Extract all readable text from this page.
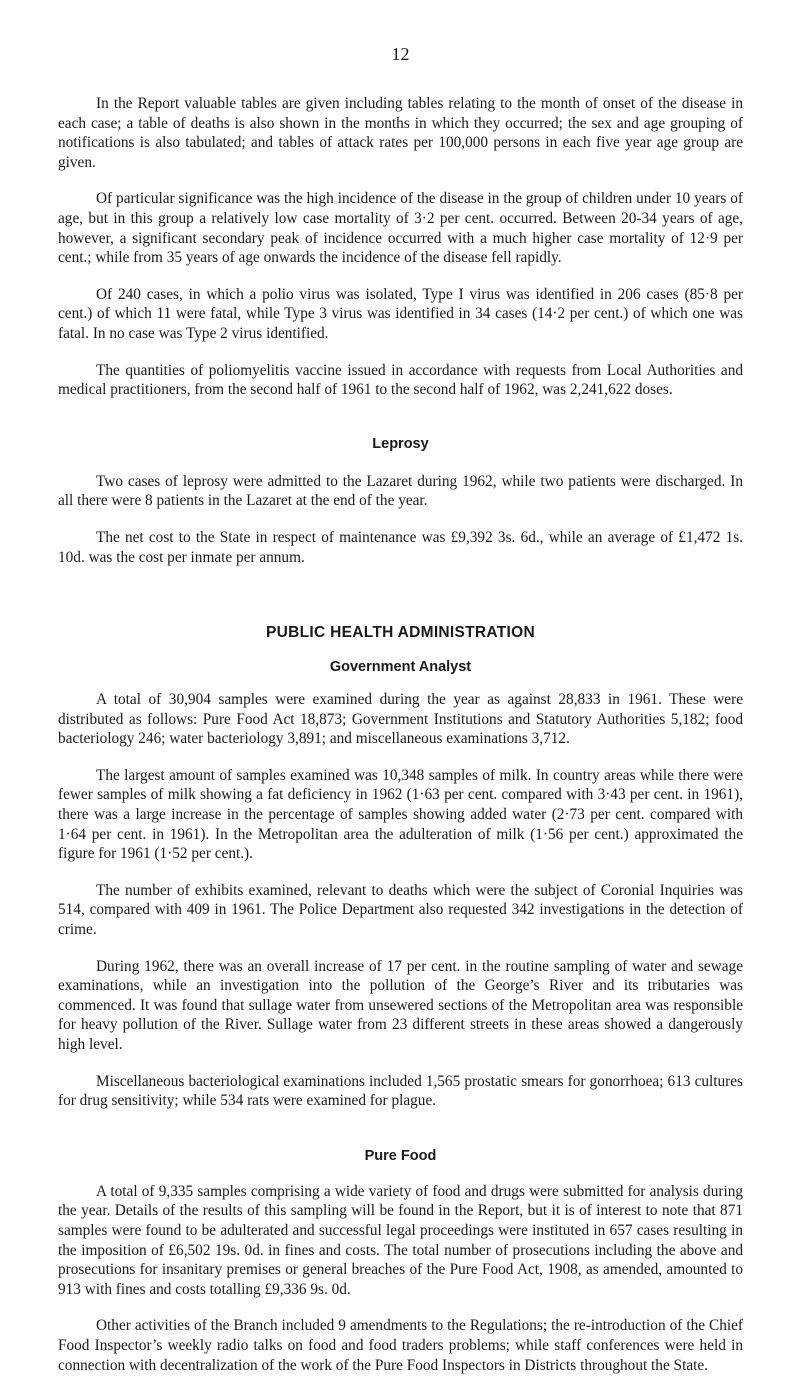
12

In the Report valuable tables are given including tables relating to the month of onset of the disease in each case; a table of deaths is also shown in the months in which they occurred; the sex and age grouping of notifications is also tabulated; and tables of attack rates per 100,000 persons in each five year age group are given.

Of particular significance was the high incidence of the disease in the group of children under 10 years of age, but in this group a relatively low case mortality of 3·2 per cent. occurred. Between 20-34 years of age, however, a significant secondary peak of incidence occurred with a much higher case mortality of 12·9 per cent.; while from 35 years of age onwards the incidence of the disease fell rapidly.

Of 240 cases, in which a polio virus was isolated, Type I virus was identified in 206 cases (85·8 per cent.) of which 11 were fatal, while Type 3 virus was identified in 34 cases (14·2 per cent.) of which one was fatal. In no case was Type 2 virus identified.

The quantities of poliomyelitis vaccine issued in accordance with requests from Local Authorities and medical practitioners, from the second half of 1961 to the second half of 1962, was 2,241,622 doses.

Leprosy

Two cases of leprosy were admitted to the Lazaret during 1962, while two patients were discharged. In all there were 8 patients in the Lazaret at the end of the year.

The net cost to the State in respect of maintenance was £9,392 3s. 6d., while an average of £1,472 1s. 10d. was the cost per inmate per annum.

PUBLIC HEALTH ADMINISTRATION
Government Analyst

A total of 30,904 samples were examined during the year as against 28,833 in 1961. These were distributed as follows: Pure Food Act 18,873; Government Institutions and Statutory Authorities 5,182; food bacteriology 246; water bacteriology 3,891; and miscellaneous examinations 3,712.

The largest amount of samples examined was 10,348 samples of milk. In country areas while there were fewer samples of milk showing a fat deficiency in 1962 (1·63 per cent. compared with 3·43 per cent. in 1961), there was a large increase in the percentage of samples showing added water (2·73 per cent. compared with 1·64 per cent. in 1961). In the Metropolitan area the adulteration of milk (1·56 per cent.) approximated the figure for 1961 (1·52 per cent.).

The number of exhibits examined, relevant to deaths which were the subject of Coronial Inquiries was 514, compared with 409 in 1961. The Police Department also requested 342 investigations in the detection of crime.

During 1962, there was an overall increase of 17 per cent. in the routine sampling of water and sewage examinations, while an investigation into the pollution of the George’s River and its tributaries was commenced. It was found that sullage water from unsewered sections of the Metropolitan area was responsible for heavy pollution of the River. Sullage water from 23 different streets in these areas showed a dangerously high level.

Miscellaneous bacteriological examinations included 1,565 prostatic smears for gonorrhoea; 613 cultures for drug sensitivity; while 534 rats were examined for plague.

Pure Food

A total of 9,335 samples comprising a wide variety of food and drugs were submitted for analysis during the year. Details of the results of this sampling will be found in the Report, but it is of interest to note that 871 samples were found to be adulterated and successful legal proceedings were instituted in 657 cases resulting in the imposition of £6,502 19s. 0d. in fines and costs. The total number of prosecutions including the above and prosecutions for insanitary premises or general breaches of the Pure Food Act, 1908, as amended, amounted to 913 with fines and costs totalling £9,336 9s. 0d.

Other activities of the Branch included 9 amendments to the Regulations; the re-introduction of the Chief Food Inspector’s weekly radio talks on food and food traders problems; while staff conferences were held in connection with decentralization of the work of the Pure Food Inspectors in Districts throughout the State.
